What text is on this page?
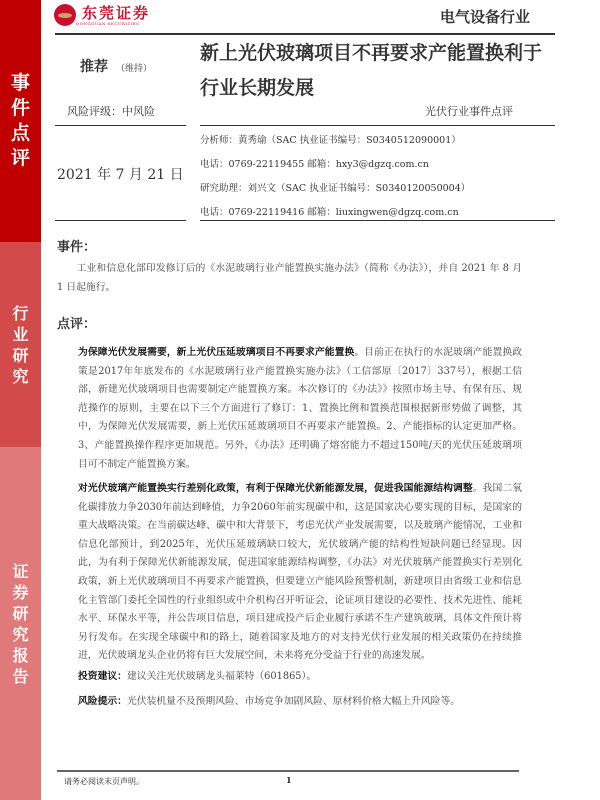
事件点评
行业研究
证券研究报告
东莞证券
DONGGUAN SECURITIES	电气设备行业
推荐 （维持）
新上光伏玻璃项目不再要求产能置换利于行业长期发展
风险评级：中风险	光伏行业事件点评
2021 年 7 月 21 日
分析师：黄秀瑜（SAC 执业证书编号：S0340512090001）
电话：0769-22119455 邮箱：hxy3@dgzq.com.cn
研究助理：刘兴文（SAC 执业证书编号：S0340120050004）
电话：0769-22119416 邮箱：liuxingwen@dgzq.com.cn
事件：
工业和信息化部印发修订后的《水泥玻璃行业产能置换实施办法》（简称《办法》），并自 2021 年 8 月 1 日起施行。
点评：
为保障光伏发展需要，新上光伏压延玻璃项目不再要求产能置换。目前正在执行的水泥玻璃产能置换政策是2017年年底发布的《水泥玻璃行业产能置换实施办法》（工信部原〔2017〕337号），根据工信部，新建光伏玻璃项目也需要制定产能置换方案。本次修订的《办法》》按照市场主导、有保有压、规范操作的原则，主要在以下三个方面进行了修订：1、置换比例和置换范围根据新形势做了调整，其中，为保障光伏发展需要，新上光伏压延玻璃项目不再要求产能置换。2、产能指标的认定更加严格。3、产能置换操作程序更加规范。另外，《办法》还明确了熔窑能力不超过150吨/天的光伏压延玻璃项目可不制定产能置换方案。
对光伏玻璃产能置换实行差别化政策，有利于保障光伏新能源发展，促进我国能源结构调整。我国二氧化碳排放力争2030年前达到峰值，力争2060年前实现碳中和，这是国家决心要实现的目标，是国家的重大战略决策。在当前碳达峰、碳中和大背景下，考虑光伏产业发展需要，以及玻璃产能情况，工业和信息化部预计，到2025年，光伏压延玻璃缺口较大，光伏玻璃产能的结构性短缺问题已经显现。因此，为有利于保障光伏新能源发展，促进国家能源结构调整，《办法》对光伏玻璃产能置换实行差别化政策，新上光伏玻璃项目不再要求产能置换，但要建立产能风险预警机制，新建项目由省级工业和信息化主管部门委托全国性的行业组织或中介机构召开听证会，论证项目建设的必要性、技术先进性、能耗水平、环保水平等，并公告项目信息，项目建成投产后企业履行承诺不生产建筑玻璃，具体文件预计将另行发布。在实现全球碳中和的路上，随着国家及地方的对支持光伏行业发展的相关政策仍在持续推进，光伏玻璃龙头企业仍将有巨大发展空间，未来将充分受益于行业的高速发展。
投资建议：建议关注光伏玻璃龙头福莱特（601865）。
风险提示：光伏装机量不及预期风险、市场竞争加剧风险、原材料价格大幅上升风险等。
请务必阅读末页声明。	1
